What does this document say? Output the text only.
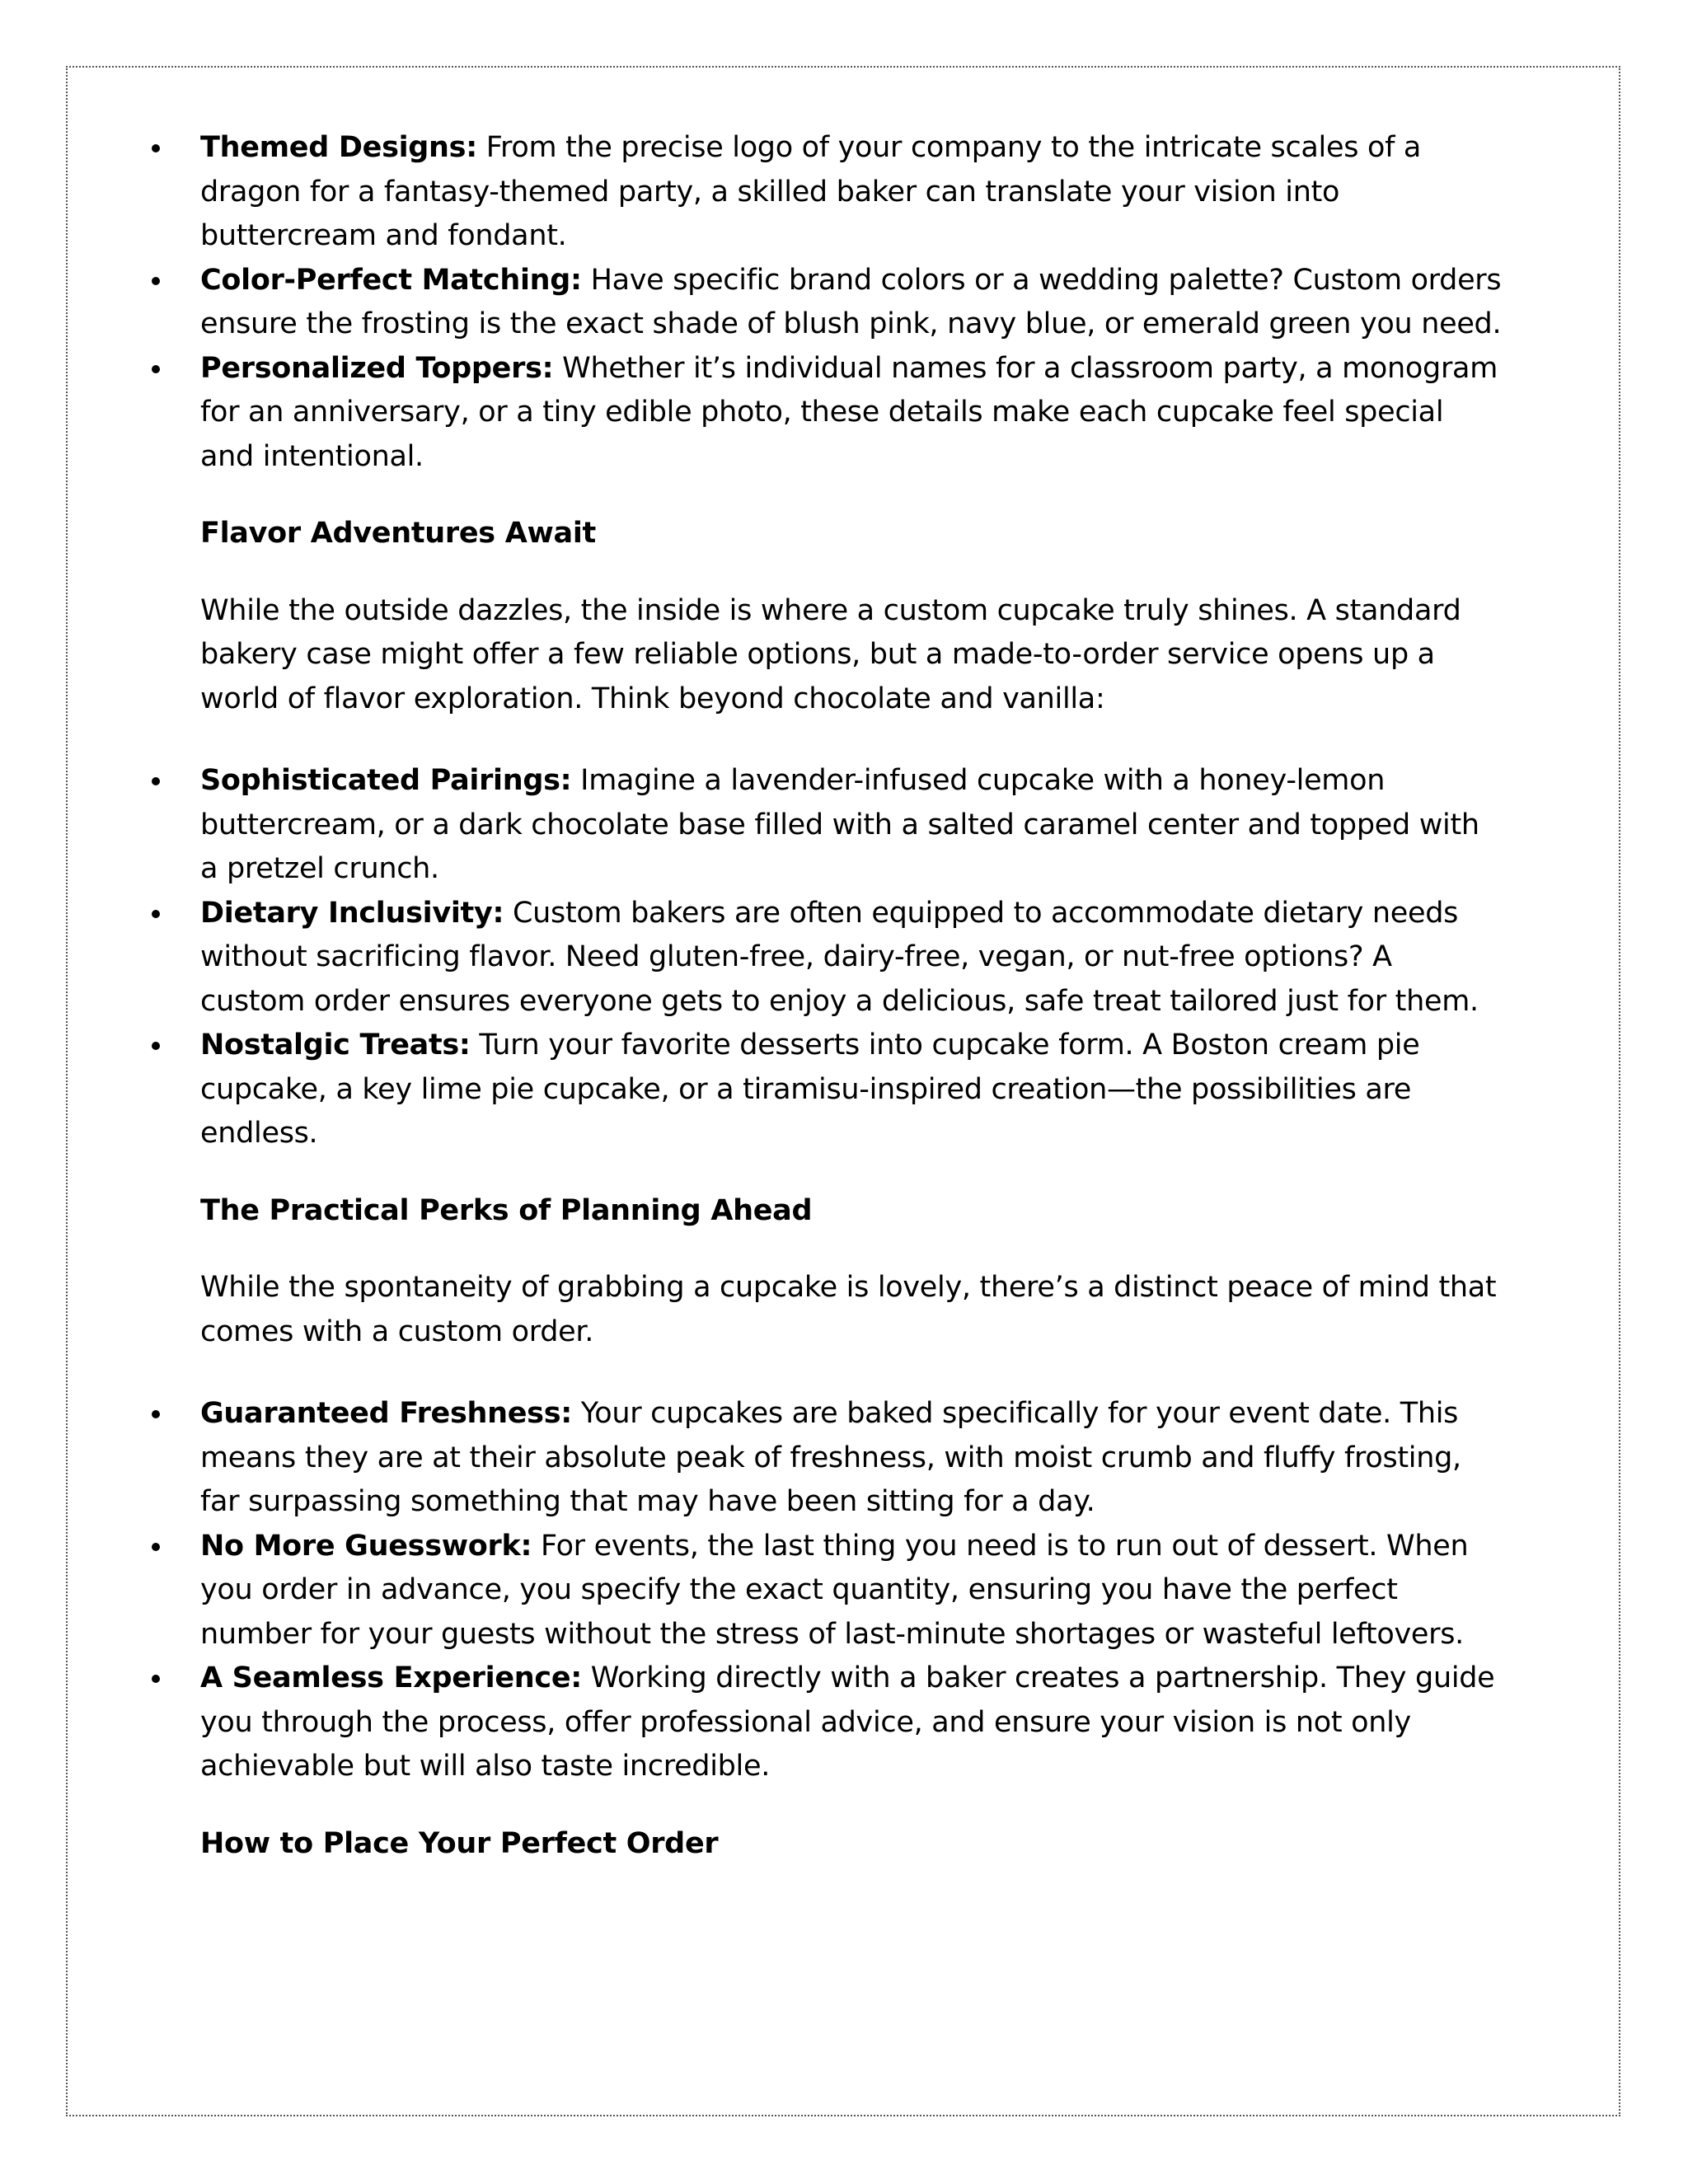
Themed Designs: From the precise logo of your company to the intricate scales of a dragon for a fantasy-themed party, a skilled baker can translate your vision into buttercream and fondant.
Color-Perfect Matching: Have specific brand colors or a wedding palette? Custom orders ensure the frosting is the exact shade of blush pink, navy blue, or emerald green you need.
Personalized Toppers: Whether it’s individual names for a classroom party, a monogram for an anniversary, or a tiny edible photo, these details make each cupcake feel special and intentional.

Flavor Adventures Await

While the outside dazzles, the inside is where a custom cupcake truly shines. A standard bakery case might offer a few reliable options, but a made-to-order service opens up a world of flavor exploration. Think beyond chocolate and vanilla:

Sophisticated Pairings: Imagine a lavender-infused cupcake with a honey-lemon buttercream, or a dark chocolate base filled with a salted caramel center and topped with a pretzel crunch.
Dietary Inclusivity: Custom bakers are often equipped to accommodate dietary needs without sacrificing flavor. Need gluten-free, dairy-free, vegan, or nut-free options? A custom order ensures everyone gets to enjoy a delicious, safe treat tailored just for them.
Nostalgic Treats: Turn your favorite desserts into cupcake form. A Boston cream pie cupcake, a key lime pie cupcake, or a tiramisu-inspired creation—the possibilities are endless.

The Practical Perks of Planning Ahead

While the spontaneity of grabbing a cupcake is lovely, there’s a distinct peace of mind that comes with a custom order.

Guaranteed Freshness: Your cupcakes are baked specifically for your event date. This means they are at their absolute peak of freshness, with moist crumb and fluffy frosting, far surpassing something that may have been sitting for a day.
No More Guesswork: For events, the last thing you need is to run out of dessert. When you order in advance, you specify the exact quantity, ensuring you have the perfect number for your guests without the stress of last-minute shortages or wasteful leftovers.
A Seamless Experience: Working directly with a baker creates a partnership. They guide you through the process, offer professional advice, and ensure your vision is not only achievable but will also taste incredible.

How to Place Your Perfect Order
